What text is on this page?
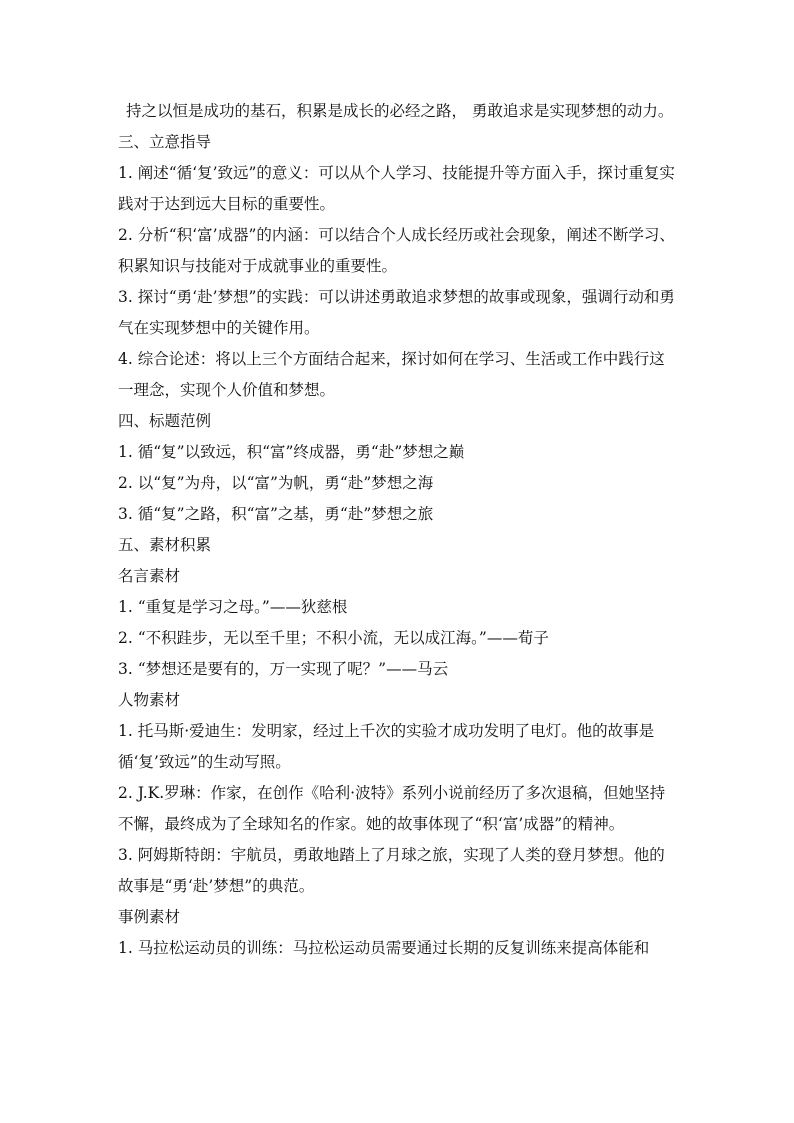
持之以恒是成功的基石，积累是成长的必经之路， 勇敢追求是实现梦想的动力。

三、立意指导

1. 阐述“循‘复’致远”的意义：可以从个人学习、技能提升等方面入手，探讨重复实践对于达到远大目标的重要性。

2. 分析“积‘富’成器”的内涵：可以结合个人成长经历或社会现象，阐述不断学习、积累知识与技能对于成就事业的重要性。

3. 探讨“勇‘赴’梦想”的实践：可以讲述勇敢追求梦想的故事或现象，强调行动和勇气在实现梦想中的关键作用。

4. 综合论述：将以上三个方面结合起来，探讨如何在学习、生活或工作中践行这一理念，实现个人价值和梦想。

四、标题范例

1. 循“复”以致远，积“富”终成器，勇“赴”梦想之巅

2. 以“复”为舟，以“富”为帆，勇“赴”梦想之海

3. 循“复”之路，积“富”之基，勇“赴”梦想之旅

五、素材积累

名言素材

1. “重复是学习之母。”——狄慈根

2. “不积跬步，无以至千里；不积小流，无以成江海。”——荀子

3. “梦想还是要有的，万一实现了呢？”——马云

人物素材

1. 托马斯·爱迪生：发明家，经过上千次的实验才成功发明了电灯。他的故事是循‘复’致远”的生动写照。

2. J.K.罗琳：作家，在创作《哈利·波特》系列小说前经历了多次退稿，但她坚持不懈，最终成为了全球知名的作家。她的故事体现了“积‘富’成器”的精神。

3. 阿姆斯特朗：宇航员，勇敢地踏上了月球之旅，实现了人类的登月梦想。他的故事是“勇‘赴’梦想”的典范。

事例素材

1. 马拉松运动员的训练：马拉松运动员需要通过长期的反复训练来提高体能和
